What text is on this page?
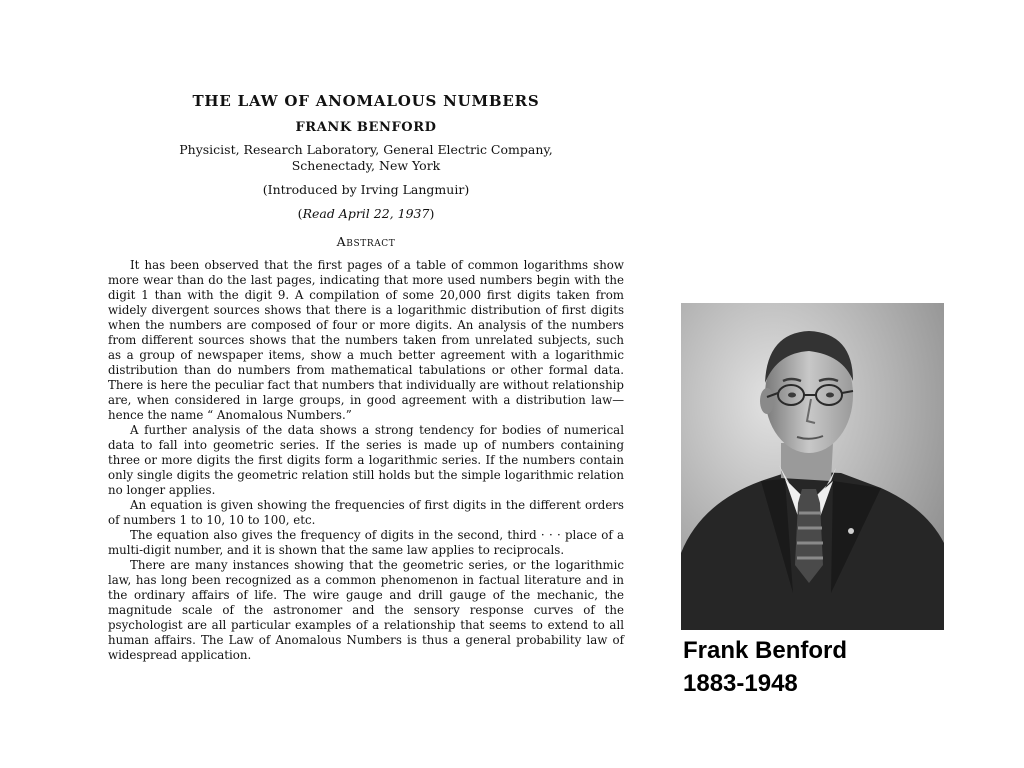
THE LAW OF ANOMALOUS NUMBERS
FRANK BENFORD
Physicist, Research Laboratory, General Electric Company,
Schenectady, New York
(Introduced by Irving Langmuir)
(Read April 22, 1937)
Abstract

It has been observed that the first pages of a table of common logarithms show more wear than do the last pages, indicating that more used numbers begin with the digit 1 than with the digit 9. A compilation of some 20,000 first digits taken from widely divergent sources shows that there is a logarithmic distribution of first digits when the numbers are composed of four or more digits. An analysis of the numbers from different sources shows that the numbers taken from unrelated subjects, such as a group of newspaper items, show a much better agreement with a logarithmic distribution than do numbers from mathematical tabulations or other formal data. There is here the peculiar fact that numbers that individually are without relationship are, when considered in large groups, in good agreement with a distribution law—hence the name “ Anomalous Numbers.”

A further analysis of the data shows a strong tendency for bodies of numerical data to fall into geometric series. If the series is made up of numbers containing three or more digits the first digits form a logarithmic series. If the numbers contain only single digits the geometric relation still holds but the simple logarithmic relation no longer applies.

An equation is given showing the frequencies of first digits in the different orders of numbers 1 to 10, 10 to 100, etc.

The equation also gives the frequency of digits in the second, third · · · place of a multi-digit number, and it is shown that the same law applies to reciprocals.

There are many instances showing that the geometric series, or the logarithmic law, has long been recognized as a common phenomenon in factual literature and in the ordinary affairs of life. The wire gauge and drill gauge of the mechanic, the magnitude scale of the astronomer and the sensory response curves of the psychologist are all particular examples of a relationship that seems to extend to all human affairs. The Law of Anomalous Numbers is thus a general probability law of widespread application.	Frank Benford
1883-1948
